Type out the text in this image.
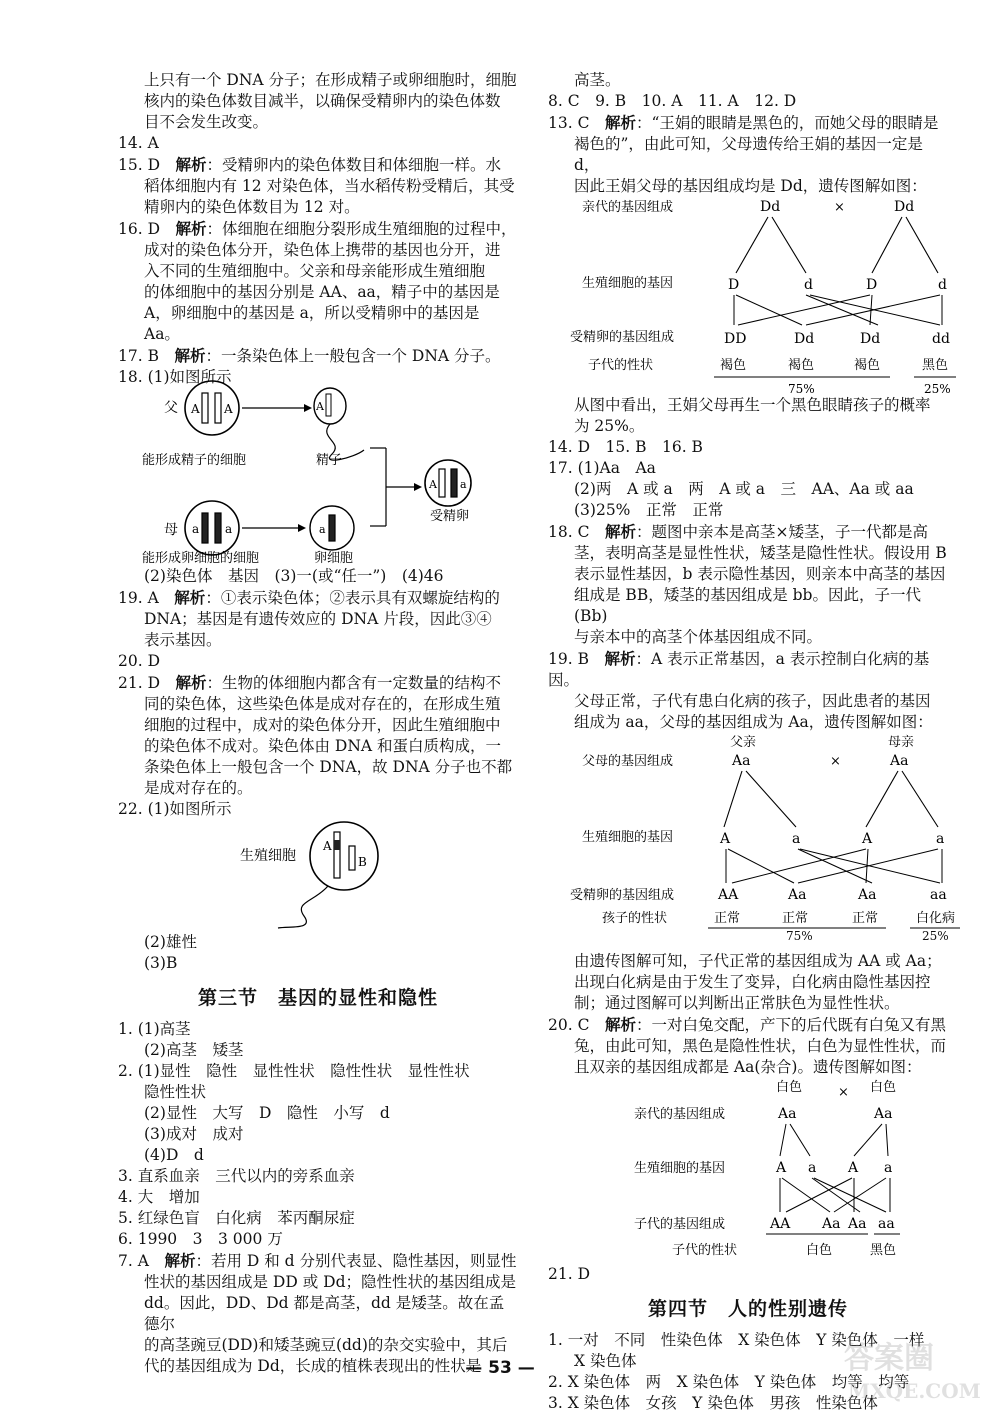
上只有一个 DNA 分子；在形成精子或卵细胞时，细胞

核内的染色体数目减半，以确保受精卵内的染色体数

目不会发生改变。

14. A

15. D　 解析：受精卵内的染色体数目和体细胞一样。水

稻体细胞内有 12 对染色体，当水稻传粉受精后，其受

精卵内的染色体数目为 12 对。

16. D　 解析：体细胞在细胞分裂形成生殖细胞的过程中，

成对的染色体分开，染色体上携带的基因也分开，进

入不同的生殖细胞中。父亲和母亲能形成生殖细胞

的体细胞中的基因分别是 AA、aa，精子中的基因是

A，卵细胞中的基因是 a，所以受精卵中的基因是 Aa。

17. B　 解析：一条染色体上一般包含一个 DNA 分子。

18. (1)如图所示

父 A A	A
能形成精子的细胞	精子
A a
受精卵
母 a a	a
能形成卵细胞的细胞	卵细胞

(2)染色体　基因　(3)一(或“任一”)　(4)46

19. A　 解析：①表示染色体；②表示具有双螺旋结构的

DNA；基因是有遗传效应的 DNA 片段，因此③④

表示基因。

20. D

21. D　 解析：生物的体细胞内都含有一定数量的结构不

同的染色体，这些染色体是成对存在的，在形成生殖

细胞的过程中，成对的染色体分开，因此生殖细胞中

的染色体不成对。染色体由 DNA 和蛋白质构成，一

条染色体上一般包含一个 DNA，故 DNA 分子也不都

是成对存在的。

22. (1)如图所示

生殖细胞
A
B

(2)雄性

(3)B

第三节　基因的显性和隐性

1. (1)高茎

(2)高茎　矮茎

2. (1)显性　隐性　显性性状　隐性性状　显性性状

隐性性状

(2)显性　大写　D　隐性　小写　d

(3)成对　成对

(4)D　d

3. 直系血亲　三代以内的旁系血亲

4. 大　增加

5. 红绿色盲　白化病　苯丙酮尿症

6. 1990　3　3 000 万

7. A　 解析：若用 D 和 d 分别代表显、隐性基因，则显性

性状的基因组成是 DD 或 Dd；隐性性状的基因组成是

dd。因此，DD、Dd 都是高茎，dd 是矮茎。故在孟德尔

的高茎豌豆(DD)和矮茎豌豆(dd)的杂交实验中，其后

代的基因组成为 Dd，长成的植株表现出的性状是

高茎。

8. C　9. B　10. A　11. A　12. D

13. C　 解析：“王娟的眼睛是黑色的，而她父母的眼睛是

褐色的”，由此可知，父母遗传给王娟的基因一定是 d，

因此王娟父母的基因组成均是 Dd，遗传图解如图：

亲代的基因组成
生殖细胞的基因
受精卵的基因组成
子代的性状
Dd	×	Dd
D	d	D	d
DD	Dd	Dd	dd
褐色	褐色	褐色	黑色
75%	25%

从图中看出，王娟父母再生一个黑色眼睛孩子的概率

为 25%。

14. D　15. B　16. B

17. (1)Aa　Aa

(2)两　A 或 a　两　A 或 a　三　AA、Aa 或 aa

(3)25%　正常　正常

18. C　 解析：题图中亲本是高茎×矮茎，子一代都是高

茎，表明高茎是显性性状，矮茎是隐性性状。假设用 B

表示显性基因，b 表示隐性基因，则亲本中高茎的基因

组成是 BB，矮茎的基因组成是 bb。因此，子一代(Bb)

与亲本中的高茎个体基因组成不同。

19. B　 解析：A 表示正常基因，a 表示控制白化病的基因。

父母正常，子代有患白化病的孩子，因此患者的基因

组成为 aa，父母的基因组成为 Aa，遗传图解如图：

父亲	母亲
父母的基因组成	Aa	×	Aa
生殖细胞的基因	A	a	A	a
受精卵的基因组成	AA	Aa	Aa	aa
孩子的性状	正常	正常	正常	白化病
75%	25%

由遗传图解可知，子代正常的基因组成为 AA 或 Aa；

出现白化病是由于发生了变异，白化病由隐性基因控

制；通过图解可以判断出正常肤色为显性性状。

20. C　 解析：一对白兔交配，产下的后代既有白兔又有黑

兔，由此可知，黑色是隐性性状，白色为显性性状，而

且双亲的基因组成都是 Aa(杂合)。遗传图解如图：

白色	× 白色
亲代的基因组成	Aa	Aa
生殖细胞的基因	A a A a
子代的基因组成	AA Aa Aa aa
子代的性状	白色	黑色

21. D

第四节　人的性别遗传

1. 一对　不同　性染色体　X 染色体　Y 染色体　一样

X 染色体

2. X 染色体　两　X 染色体　Y 染色体　均等　均等

3. X 染色体　女孩　Y 染色体　男孩　性染色体

— 53 —	答案圈
MXQE.COM
